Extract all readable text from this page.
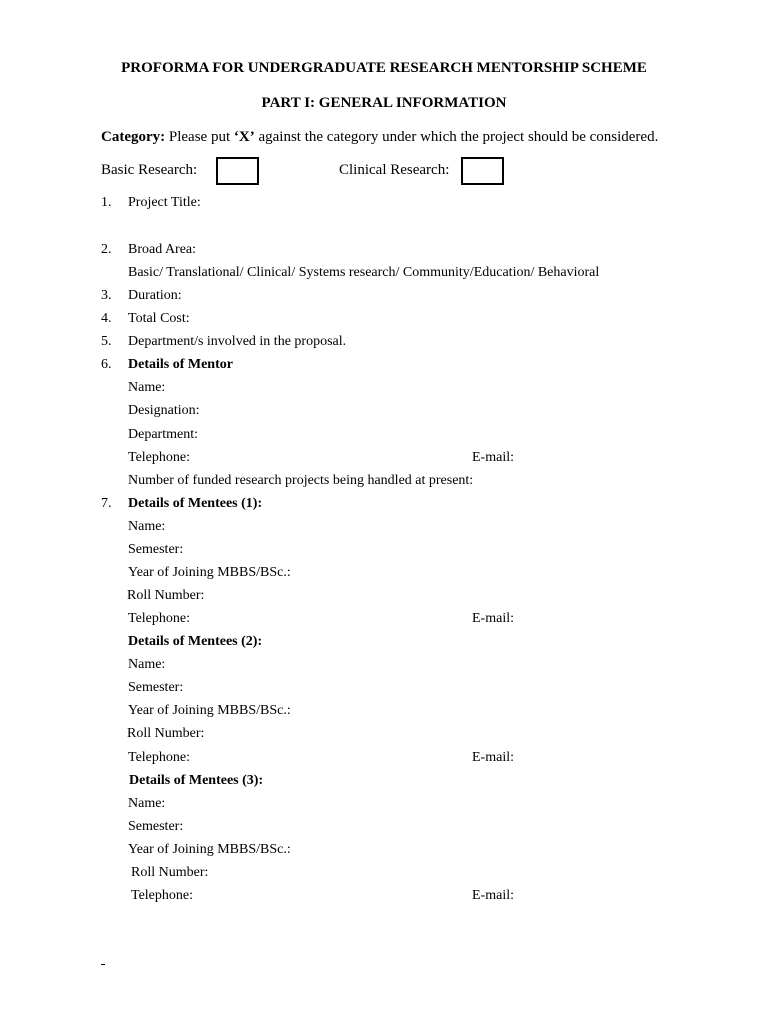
PROFORMA FOR UNDERGRADUATE RESEARCH MENTORSHIP SCHEME
PART I: GENERAL INFORMATION
Category: Please put ‘X’ against the category under which the project should be considered.
Basic Research:	Clinical Research:
1. Project Title:
2. Broad Area:
Basic/ Translational/ Clinical/ Systems research/ Community/Education/ Behavioral
3. Duration:
4. Total Cost:
5. Department/s involved in the proposal.
6. Details of Mentor
Name:
Designation:
Department:
Telephone:	E-mail:
Number of funded research projects being handled at present:
7. Details of Mentees (1):
Name:
Semester:
Year of Joining MBBS/BSc.:
Roll Number:
Telephone:	E-mail:
Details of Mentees (2):
Name:
Semester:
Year of Joining MBBS/BSc.:
Roll Number:
Telephone:	E-mail:
Details of Mentees (3):
Name:
Semester:
Year of Joining MBBS/BSc.:
Roll Number:
Telephone:	E-mail:
